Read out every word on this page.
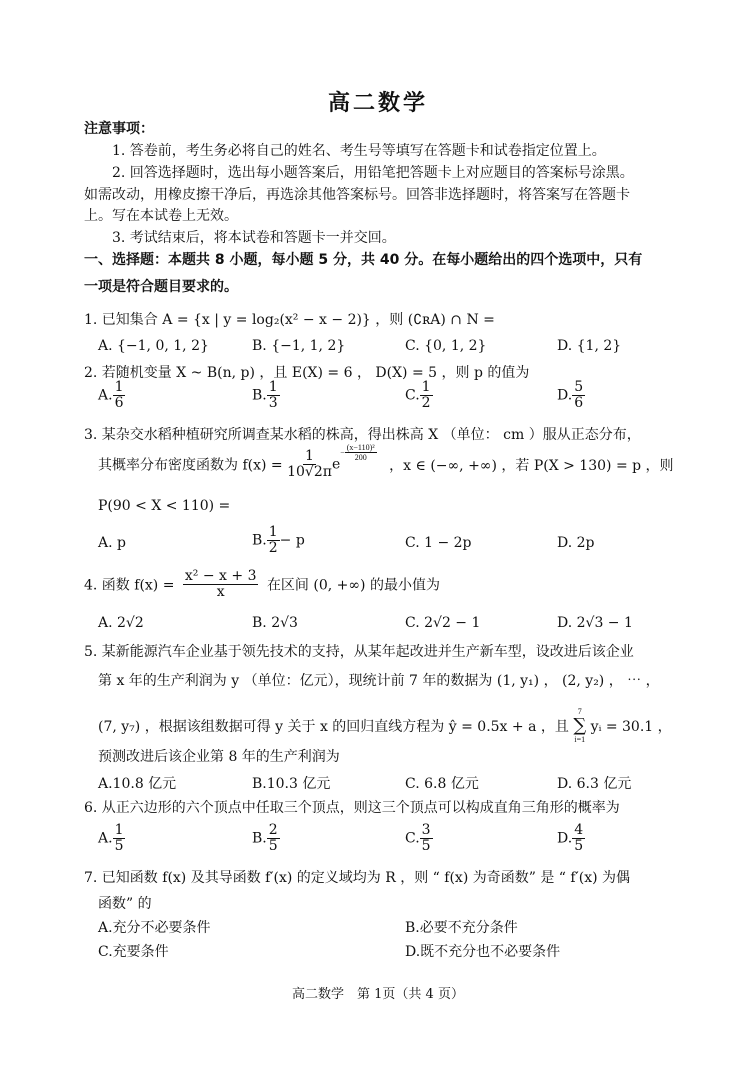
高二数学
注意事项：
1. 答卷前，考生务必将自己的姓名、考生号等填写在答题卡和试卷指定位置上。
2. 回答选择题时，选出每小题答案后，用铅笔把答题卡上对应题目的答案标号涂黑。
如需改动，用橡皮擦干净后，再选涂其他答案标号。回答非选择题时，将答案写在答题卡
上。写在本试卷上无效。
3. 考试结束后，将本试卷和答题卡一并交回。
一、选择题：本题共 8 小题，每小题 5 分，共 40 分。在每小题给出的四个选项中，只有
一项是符合题目要求的。
1. 已知集合 A = {x | y = log₂(x² − x − 2)} ，则 (∁ʀA) ∩ N =
A. {−1, 0, 1, 2}	B. {−1, 1, 2}	C. {0, 1, 2}	D. {1, 2}
2. 若随机变量 X ~ B(n, p) ，且 E(X) = 6 ， D(X) = 5 ，则 p 的值为
A. $\frac{1}{6}$	B. $\frac{1}{3}$	C. $\frac{1}{2}$	D. $\frac{5}{6}$
3. 某杂交水稻种植研究所调查某水稻的株高，得出株高 X （单位： cm ）服从正态分布，
其概率分布密度函数为 $f(x) = \frac{1}{10√2\pi}$ e
− $\frac{\text{(x−110)²}}{200}$
，x ∈ (−∞, +∞) ，若 P(X > 130) = p ，则
P(90 < X < 110) =
A. p	B. $\frac{1}{2} - p$	C. 1 − 2p	D. 2p
4. 函数 $f(x) = \frac{\text{x² − x + 3}}{x}$ 在区间 (0, +∞) 的最小值为
A. 2√2	B. 2√3	C. 2√2 − 1	D. 2√3 − 1
5. 某新能源汽车企业基于领先技术的支持，从某年起改进并生产新车型，设改进后该企业
第 x 年的生产利润为 y （单位：亿元），现统计前 7 年的数据为 (1, y₁) ， (2, y₂) ， ⋯ ，
(7, y₇) ，根据该组数据可得 y 关于 x 的回归直线方程为 ŷ = 0.5x + a ，且
7
∑
i=1
yᵢ = 30.1 ，
预测改进后该企业第 8 年的生产利润为
A.10.8 亿元	B.10.3 亿元	C. 6.8 亿元	D. 6.3 亿元
6. 从正六边形的六个顶点中任取三个顶点，则这三个顶点可以构成直角三角形的概率为
A. $\frac{1}{5}$	B. $\frac{2}{5}$	C. $\frac{3}{5}$	D. $\frac{4}{5}$
7. 已知函数 f(x) 及其导函数 f′(x) 的定义域均为 R ，则 “ f(x) 为奇函数” 是 “ f′(x) 为偶
函数” 的
A.充分不必要条件	B.必要不充分条件
C.充要条件	D.既不充分也不必要条件
高二数学　第 1页（共 4 页）
